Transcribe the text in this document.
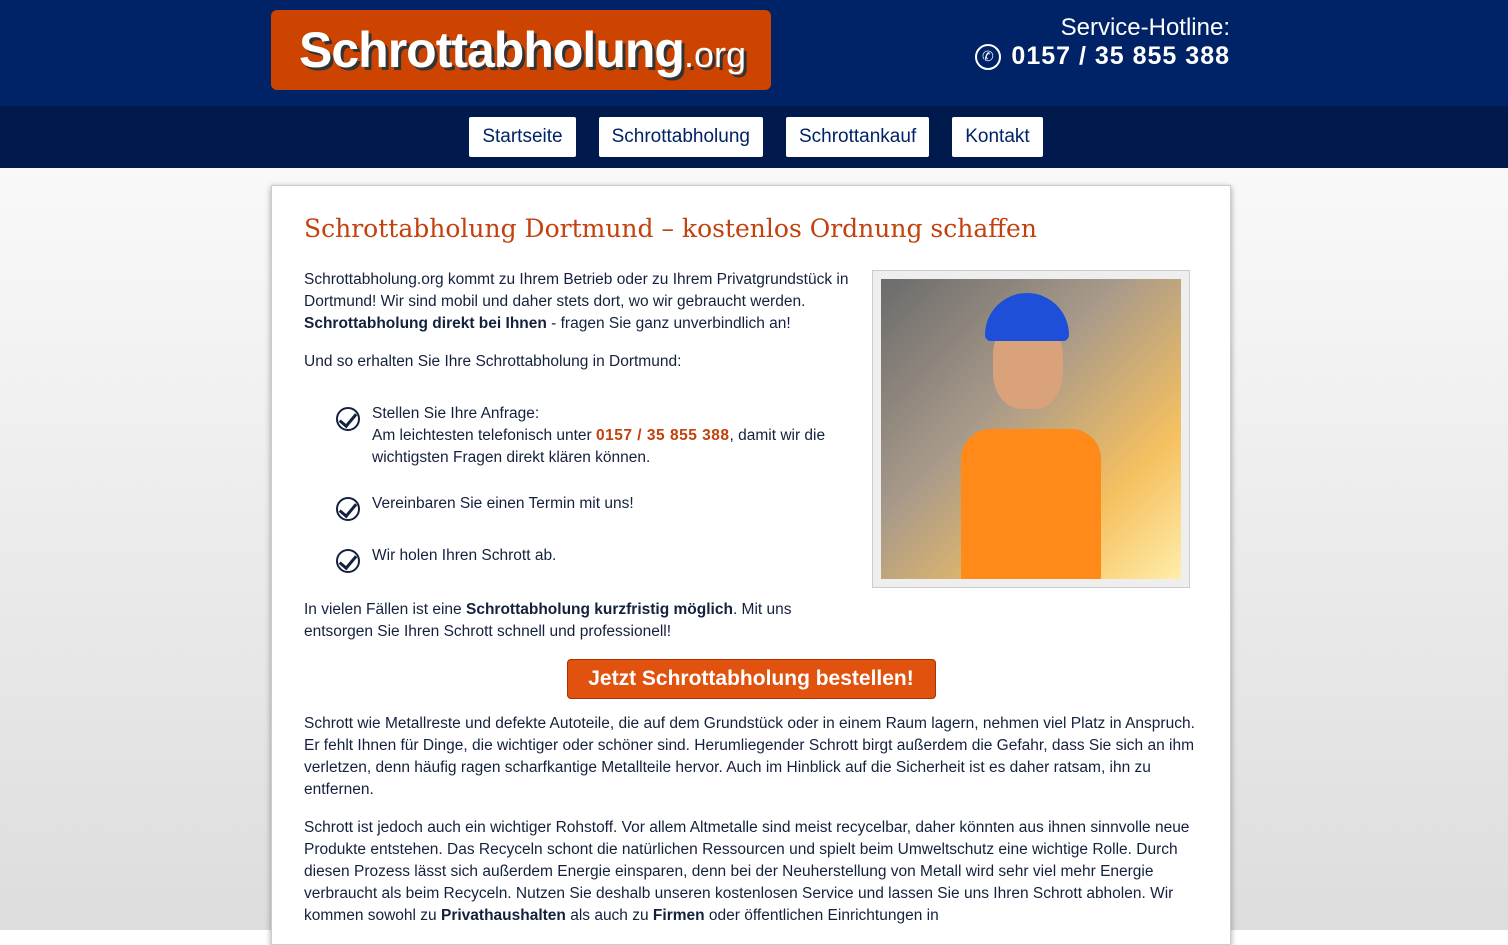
Schrottabholung .org
Service-Hotline:
✆ 0157 / 35 855 388
Startseite	Schrottabholung	Schrottankauf	Kontakt
Schrottabholung Dortmund – kostenlos Ordnung schaffen

Schrottabholung.org kommt zu Ihrem Betrieb oder zu Ihrem Privatgrundstück in Dortmund! Wir sind mobil und daher stets dort, wo wir gebraucht werden. Schrottabholung direkt bei Ihnen - fragen Sie ganz unverbindlich an!

Und so erhalten Sie Ihre Schrottabholung in Dortmund:

Stellen Sie Ihre Anfrage:
Am leichtesten telefonisch unter 0157 / 35 855 388, damit wir die wichtigsten Fragen direkt klären können.
Vereinbaren Sie einen Termin mit uns!
Wir holen Ihren Schrott ab.

In vielen Fällen ist eine Schrottabholung kurzfristig möglich. Mit uns entsorgen Sie Ihren Schrott schnell und professionell!

Jetzt Schrottabholung bestellen!

Schrott wie Metallreste und defekte Autoteile, die auf dem Grundstück oder in einem Raum lagern, nehmen viel Platz in Anspruch. Er fehlt Ihnen für Dinge, die wichtiger oder schöner sind. Herumliegender Schrott birgt außerdem die Gefahr, dass Sie sich an ihm verletzen, denn häufig ragen scharfkantige Metallteile hervor. Auch im Hinblick auf die Sicherheit ist es daher ratsam, ihn zu entfernen.

Schrott ist jedoch auch ein wichtiger Rohstoff. Vor allem Altmetalle sind meist recycelbar, daher könnten aus ihnen sinnvolle neue Produkte entstehen. Das Recyceln schont die natürlichen Ressourcen und spielt beim Umweltschutz eine wichtige Rolle. Durch diesen Prozess lässt sich außerdem Energie einsparen, denn bei der Neuherstellung von Metall wird sehr viel mehr Energie verbraucht als beim Recyceln. Nutzen Sie deshalb unseren kostenlosen Service und lassen Sie uns Ihren Schrott abholen. Wir kommen sowohl zu Privathaushalten als auch zu Firmen oder öffentlichen Einrichtungen in
